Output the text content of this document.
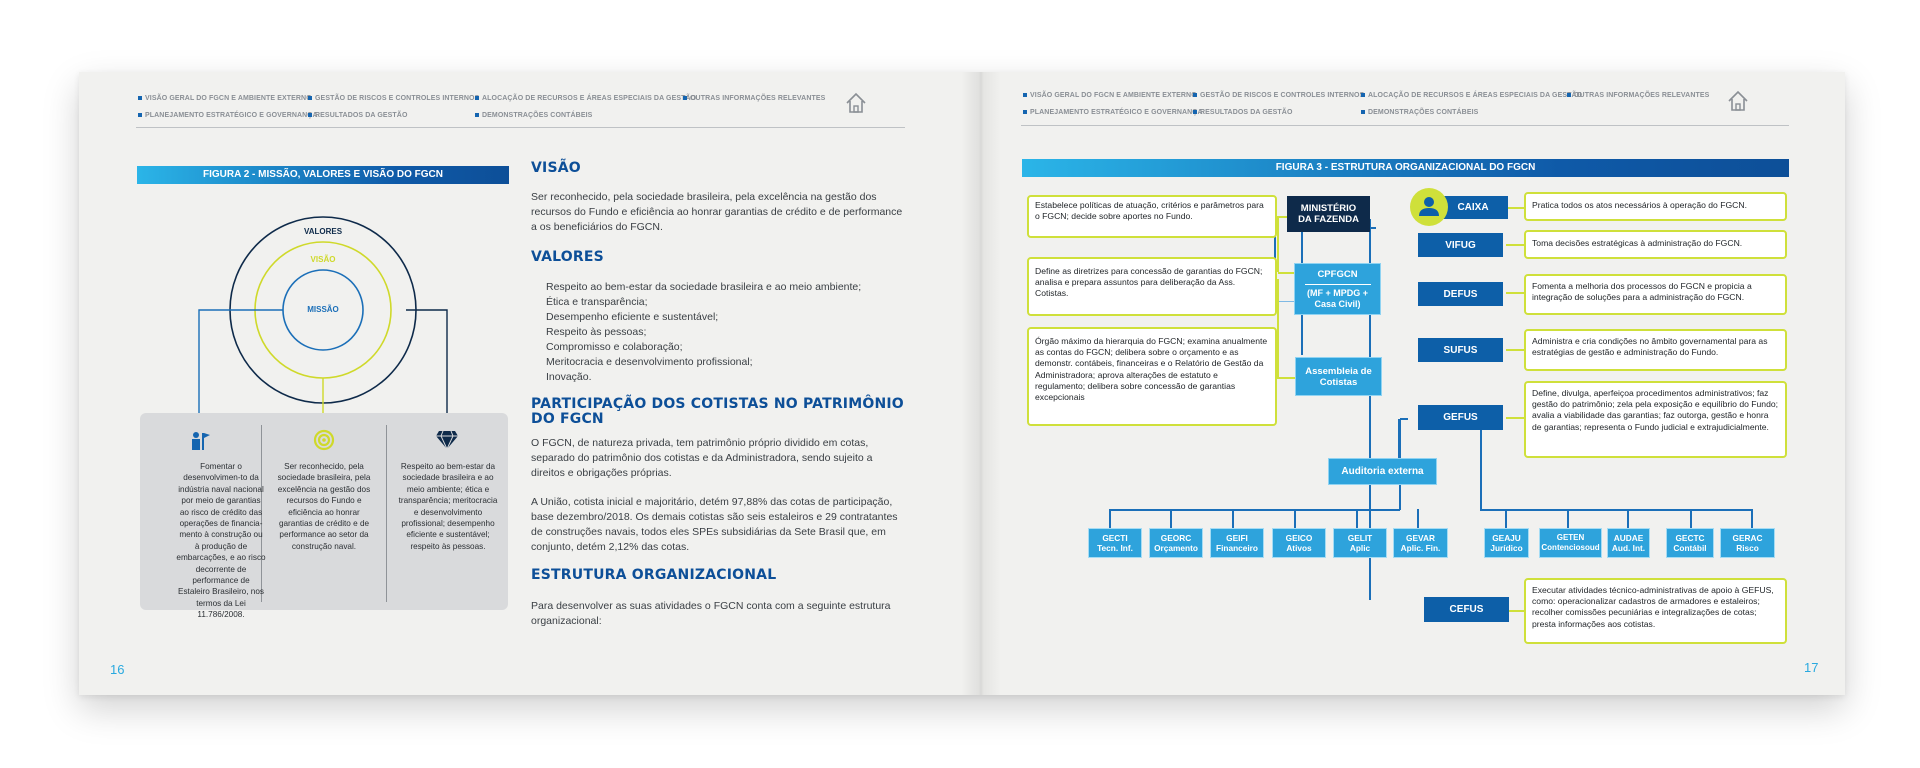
VISÃO GERAL DO FGCN E AMBIENTE EXTERNO GESTÃO DE RISCOS E CONTROLES INTERNOS ALOCAÇÃO DE RECURSOS E ÁREAS ESPECIAIS DA GESTÃO
OUTRAS INFORMAÇÕES RELEVANTES
PLANEJAMENTO ESTRATÉGICO E GOVERNANÇA
RESULTADOS DA GESTÃO	DEMONSTRAÇÕES CONTÁBEIS
FIGURA 2 - MISSÃO, VALORES E VISÃO DO FGCN
VALORES
VISÃO
MISSÃO
Fomentar o desenvolvimen-to da indústria naval nacional por meio de garantias ao risco de crédito das operações de financia-mento à construção ou à produção de embarcações, e ao risco decorrente de performance de Estaleiro Brasileiro, nos termos da Lei 11.786/2008.
Ser reconhecido, pela sociedade brasileira, pela excelência na gestão dos recursos do Fundo e eficiência ao honrar garantias de crédito e de performance ao setor da construção naval.
Respeito ao bem-estar da sociedade brasileira e ao meio ambiente; ética e transparência; meritocracia e desenvolvimento profissional; desempenho eficiente e sustentável; respeito às pessoas.
VISÃO
Ser reconhecido, pela sociedade brasileira, pela excelência na gestão dos recursos do Fundo e eficiência ao honrar garantias de crédito e de performance a os beneficiários do FGCN.
VALORES
Respeito ao bem-estar da sociedade brasileira e ao meio ambiente;
Ética e transparência;
Desempenho eficiente e sustentável;
Respeito às pessoas;
Compromisso e colaboração;
Meritocracia e desenvolvimento profissional;
Inovação.
PARTICIPAÇÃO DOS COTISTAS NO PATRIMÔNIO
DO FGCN
O FGCN, de natureza privada, tem patrimônio próprio dividido em cotas, separado do patrimônio dos cotistas e da Administradora, sendo sujeito a direitos e obrigações próprias.
A União, cotista inicial e majoritário, detém 97,88% das cotas de participação, base dezembro/2018. Os demais cotistas são seis estaleiros e 29 contratantes de construções navais, todos eles SPEs subsidiárias da Sete Brasil que, em conjunto, detém 2,12% das cotas.
ESTRUTURA ORGANIZACIONAL
Para desenvolver as suas atividades o FGCN conta com a seguinte estrutura organizacional:
16
VISÃO GERAL DO FGCN E AMBIENTE EXTERNO GESTÃO DE RISCOS E CONTROLES INTERNOS ALOCAÇÃO DE RECURSOS E ÁREAS ESPECIAIS DA GESTÃO
OUTRAS INFORMAÇÕES RELEVANTES
PLANEJAMENTO ESTRATÉGICO E GOVERNANÇA
RESULTADOS DA GESTÃO	DEMONSTRAÇÕES CONTÁBEIS
FIGURA 3 - ESTRUTURA ORGANIZACIONAL DO FGCN
MINISTÉRIO DA FAZENDA
CPFGCN
(MF + MPDG + Casa Civil)
Assembleia de Cotistas
Estabelece políticas de atuação, critérios e parâmetros para o FGCN; decide sobre aportes no Fundo.
Define as diretrizes para concessão de garantias do FGCN; analisa e prepara assuntos para deliberação da Ass. Cotistas.
Órgão máximo da hierarquia do FGCN; examina anualmente as contas do FGCN; delibera sobre o orçamento e as demonstr. contábeis, financeiras e o Relatório de Gestão da Administradora; aprova alterações de estatuto e regulamento; delibera sobre concessão de garantias excepcionais
CAIXA
VIFUG
DEFUS
SUFUS
GEFUS
CEFUS
Auditoria externa
Pratica todos os atos necessários à operação do FGCN.
Toma decisões estratégicas à administração do FGCN.
Fomenta a melhoria dos processos do FGCN e propicia a integração de soluções para a administração do FGCN.
Administra e cria condições no âmbito governamental para as estratégias de gestão e administração do Fundo.
Define, divulga, aperfeiçoa procedimentos administrativos; faz gestão do patrimônio; zela pela exposição e equilíbrio do Fundo; avalia a viabilidade das garantias; faz outorga, gestão e honra de garantias; representa o Fundo judicial e extrajudicialmente.
Executar atividades técnico-administrativas de apoio à GEFUS, como: operacionalizar cadastros de armadores e estaleiros; recolher comissões pecuniárias e integralizações de cotas; presta informações aos cotistas.
GECTI
Tecn. Inf.
GEORC
Orçamento
GEIFI
Financeiro
GEICO
Ativos
GELIT
Aplic
GEVAR
Aplic. Fin.
GEAJU
Jurídico
GETEN
Contenciosoud
AUDAE
Aud. Int.
GECTC
Contábil
GERAC
Risco
17
